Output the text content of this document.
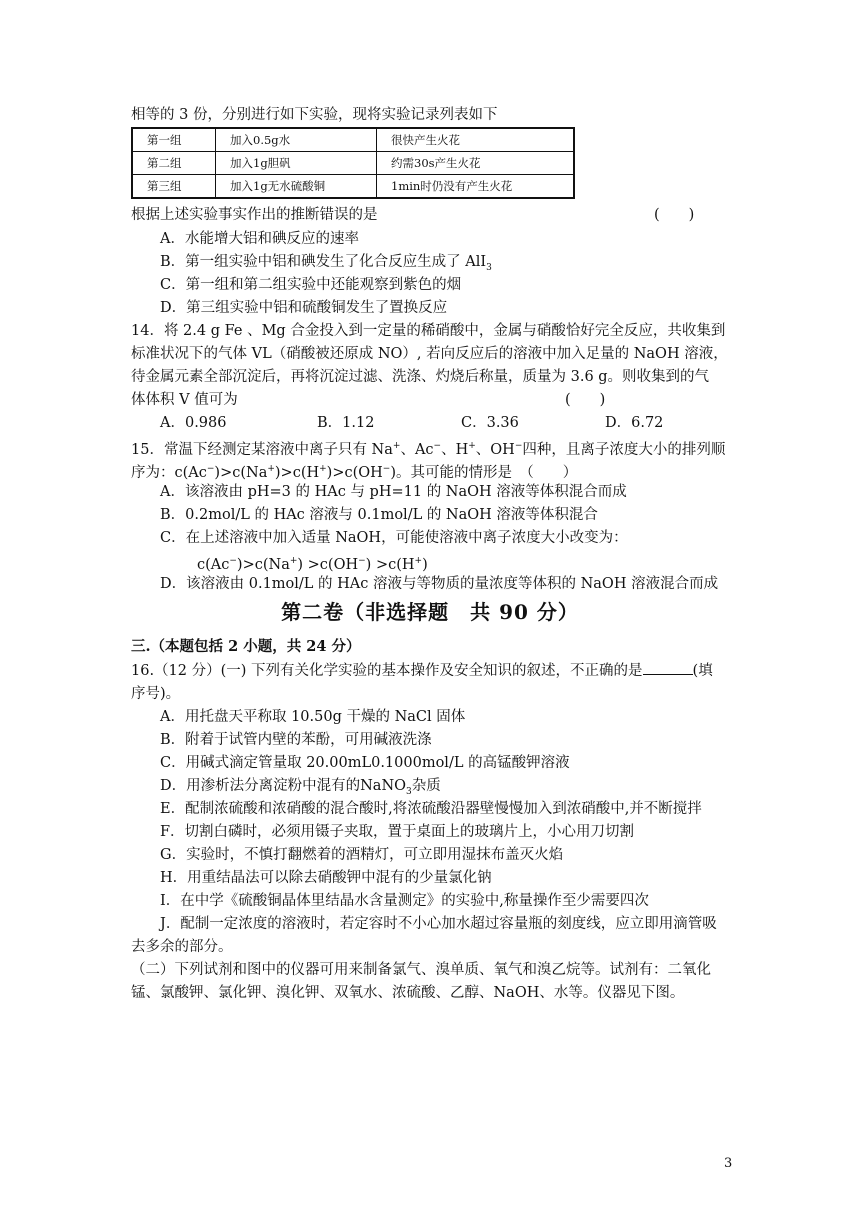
相等的 3 份，分别进行如下实验，现将实验记录列表如下
第一组	加入0.5g水	很快产生火花
第二组	加入1g胆矾	约需30s产生火花
第三组	加入1g无水硫酸铜	1min时仍没有产生火花
根据上述实验事实作出的推断错误的是	(　　)
A．水能增大铝和碘反应的速率
B．第一组实验中铝和碘发生了化合反应生成了 AlI$_3$
C．第一组和第二组实验中还能观察到紫色的烟
D．第三组实验中铝和硫酸铜发生了置换反应
14．将 2.4 g Fe 、Mg 合金投入到一定量的稀硝酸中，金属与硝酸恰好完全反应，共收集到
标准状况下的气体 VL（硝酸被还原成 NO）, 若向反应后的溶液中加入足量的 NaOH 溶液，
待金属元素全部沉淀后，再将沉淀过滤、洗涤、灼烧后称量，质量为 3.6 g。则收集到的气
体体积 V 值可为	(　　)
A．0.986	B．1.12	C．3.36	D．6.72
15．常温下经测定某溶液中离子只有 Na+、Ac−、H+、OH−四种，且离子浓度大小的排列顺
序为：c(Ac−)>c(Na+)>c(H+)>c(OH−)。其可能的情形是　（　　）
A．该溶液由 pH=3 的 HAc 与 pH=11 的 NaOH 溶液等体积混合而成
B．0.2mol/L 的 HAc 溶液与 0.1mol/L 的 NaOH 溶液等体积混合
C．在上述溶液中加入适量 NaOH，可能使溶液中离子浓度大小改变为：
c(Ac−)>c(Na+) >c(OH−) >c(H+)
D．该溶液由 0.1mol/L 的 HAc 溶液与等物质的量浓度等体积的 NaOH 溶液混合而成
第二卷（非选择题　共 90 分）
三.（本题包括 2 小题，共 24 分）
16.（12 分）(一) 下列有关化学实验的基本操作及安全知识的叙述，不正确的是	(填
序号)。
A．用托盘天平称取 10.50g 干燥的 NaCl 固体
B．附着于试管内壁的苯酚，可用碱液洗涤
C．用碱式滴定管量取 20.00mL0.1000mol/L 的高锰酸钾溶液
D．用渗析法分离淀粉中混有的NaNO$_3$杂质
E．配制浓硫酸和浓硝酸的混合酸时,将浓硫酸沿器壁慢慢加入到浓硝酸中,并不断搅拌
F．切割白磷时，必须用镊子夹取，置于桌面上的玻璃片上，小心用刀切割
G．实验时，不慎打翻燃着的酒精灯，可立即用湿抹布盖灭火焰
H．用重结晶法可以除去硝酸钾中混有的少量氯化钠
I．在中学《硫酸铜晶体里结晶水含量测定》的实验中,称量操作至少需要四次
J．配制一定浓度的溶液时，若定容时不小心加水超过容量瓶的刻度线，应立即用滴管吸
去多余的部分。
（二）下列试剂和图中的仪器可用来制备氯气、溴单质、氧气和溴乙烷等。试剂有：二氧化
锰、氯酸钾、氯化钾、溴化钾、双氧水、浓硫酸、乙醇、NaOH、水等。仪器见下图。
3
